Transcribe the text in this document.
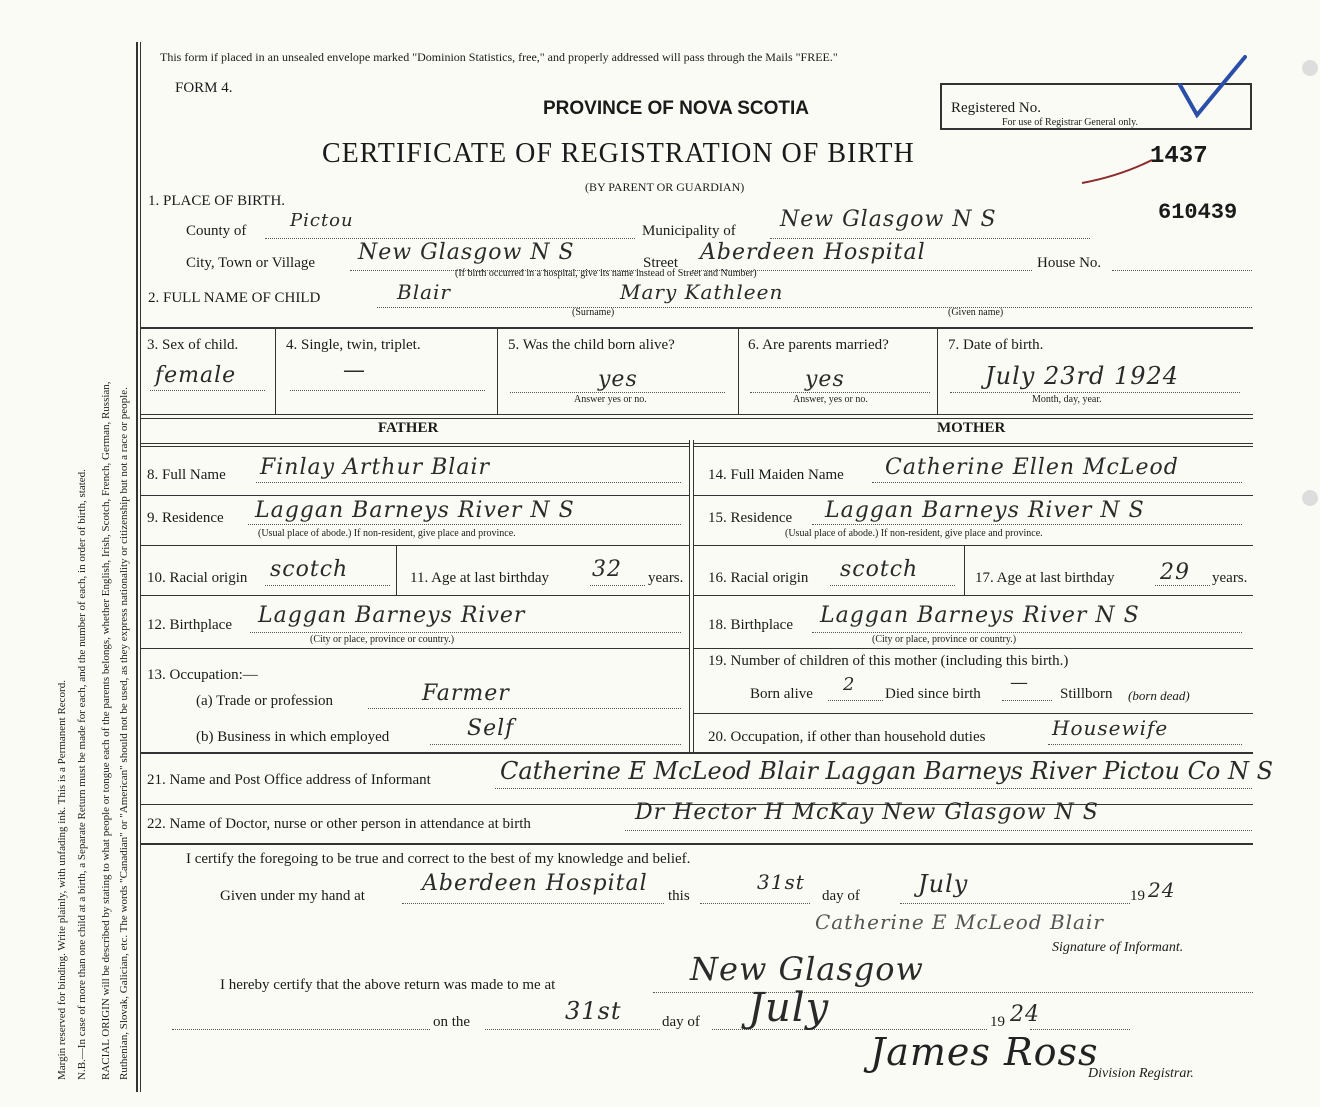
Margin reserved for binding. Write plainly, with unfading ink. This is a Permanent Record. N.B.—In case of more than one child at a birth, a Separate Return must be made for each, and the number of each, in order of birth, stated. RACIAL ORIGIN will be described by stating to what people or tongue each of the parents belongs, whether English, Irish, Scotch, French, German, Russian, Ruthenian, Slovak, Galician, etc. The words "Canadian" or "American" should not be used, as they express nationality or citizenship but not a race or people.
This form if placed in an unsealed envelope marked "Dominion Statistics, free," and properly addressed will pass through the Mails "FREE."
FORM 4.
PROVINCE OF NOVA SCOTIA
CERTIFICATE OF REGISTRATION OF BIRTH
(BY PARENT OR GUARDIAN)
Registered No.
For use of Registrar General only.
1437
610439
1. PLACE OF BIRTH.
County of Pictou	Municipality of New Glasgow N S
City, Town or Village New Glasgow N S	Street Aberdeen Hospital
(If birth occurred in a hospital, give its name instead of Street and Number)
House No.
2. FULL NAME OF CHILD	Blair	Mary Kathleen
(Surname)	(Given name)
3. Sex of child.
female
4. Single, twin, triplet.
—
5. Was the child born alive?
yes
Answer yes or no.
6. Are parents married?
yes
Answer, yes or no.
7. Date of birth.
July 23rd 1924
Month, day, year.
FATHER	MOTHER
8. Full Name Finlay Arthur Blair
9. Residence Laggan Barneys River N S
(Usual place of abode.) If non-resident, give place and province.
10. Racial origin scotch	11. Age at last birthday 32 years.
12. Birthplace Laggan Barneys River
(City or place, province or country.)
13. Occupation:—
(a) Trade or profession	Farmer
(b) Business in which employed	Self
14. Full Maiden Name Catherine Ellen McLeod
15. Residence Laggan Barneys River N S
(Usual place of abode.) If non-resident, give place and province.
16. Racial origin scotch	17. Age at last birthday 29 years.
18. Birthplace Laggan Barneys River N S
(City or place, province or country.)
19. Number of children of this mother (including this birth.)
Born alive 2 Died since birth
—
Stillborn (born dead)
20. Occupation, if other than household duties	Housewife
21. Name and Post Office address of Informant	Catherine E McLeod Blair Laggan Barneys River Pictou Co N S
22. Name of Doctor, nurse or other person in attendance at birth	Dr Hector H McKay New Glasgow N S
I certify the foregoing to be true and correct to the best of my knowledge and belief.
Given under my hand at	Aberdeen Hospital this
31st
day of July	19 24
Catherine E McLeod Blair
Signature of Informant.
I hereby certify that the above return was made to me at	New Glasgow
on the	31st	day of July	19 24
James Ross
Division Registrar.
